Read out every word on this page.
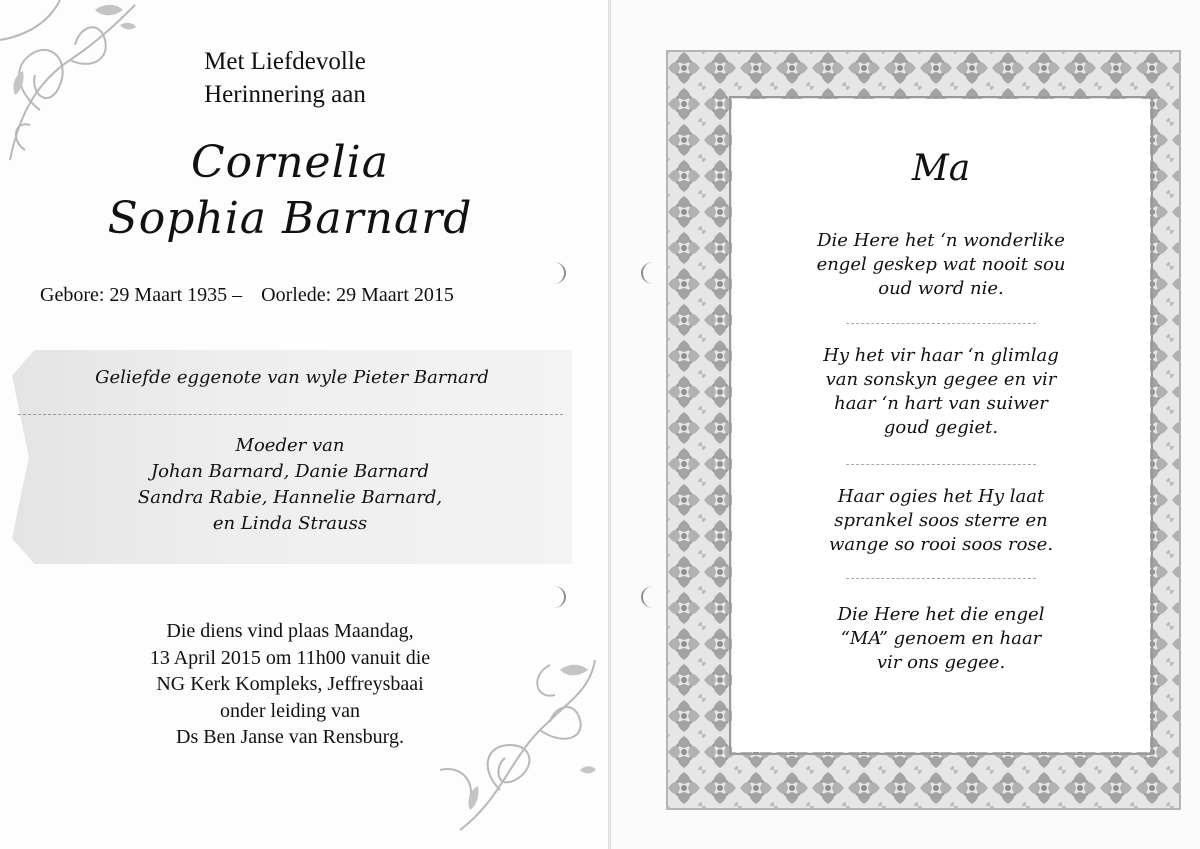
Met Liefdevolle
Herinnering aan
Cornelia
Sophia Barnard
Gebore: 29 Maart 1935 – Oorlede: 29 Maart 2015
Geliefde eggenote van wyle Pieter Barnard
Moeder van
Johan Barnard, Danie Barnard
Sandra Rabie, Hannelie Barnard,
en Linda Strauss
Die diens vind plaas Maandag,
13 April 2015 om 11h00 vanuit die
NG Kerk Kompleks, Jeffreysbaai
onder leiding van
Ds Ben Janse van Rensburg.
Ma
Die Here het ‘n wonderlike
engel geskep wat nooit sou
oud word nie.
Hy het vir haar ‘n glimlag
van sonskyn gegee en vir
haar ‘n hart van suiwer
goud gegiet.
Haar ogies het Hy laat
sprankel soos sterre en
wange so rooi soos rose.
Die Here het die engel
“MA” genoem en haar
vir ons gegee.
